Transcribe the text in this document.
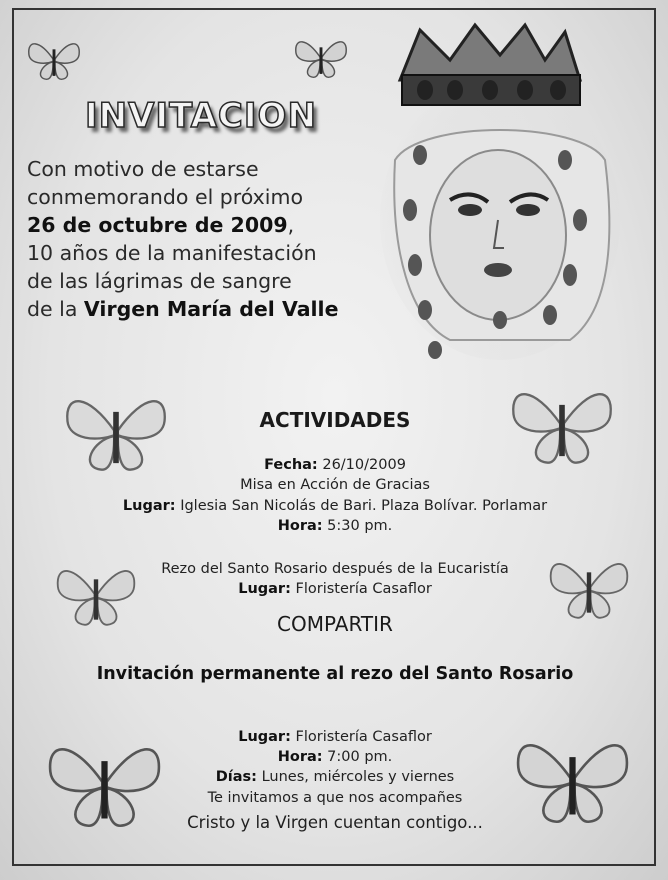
INVITACION
Con motivo de estarse
conmemorando el próximo
26 de octubre de 2009,
10 años de la manifestación
de las lágrimas de sangre
de la Virgen María del Valle
ACTIVIDADES
Fecha: 26/10/2009
Misa en Acción de Gracias
Lugar: Iglesia San Nicolás de Bari. Plaza Bolívar. Porlamar
Hora: 5:30 pm.
Rezo del Santo Rosario después de la Eucaristía
Lugar: Floristería Casaflor
COMPARTIR
Invitación permanente al rezo del Santo Rosario
Lugar: Floristería Casaflor
Hora: 7:00 pm.
Días: Lunes, miércoles y viernes
Te invitamos a que nos acompañes
Cristo y la Virgen cuentan contigo...
